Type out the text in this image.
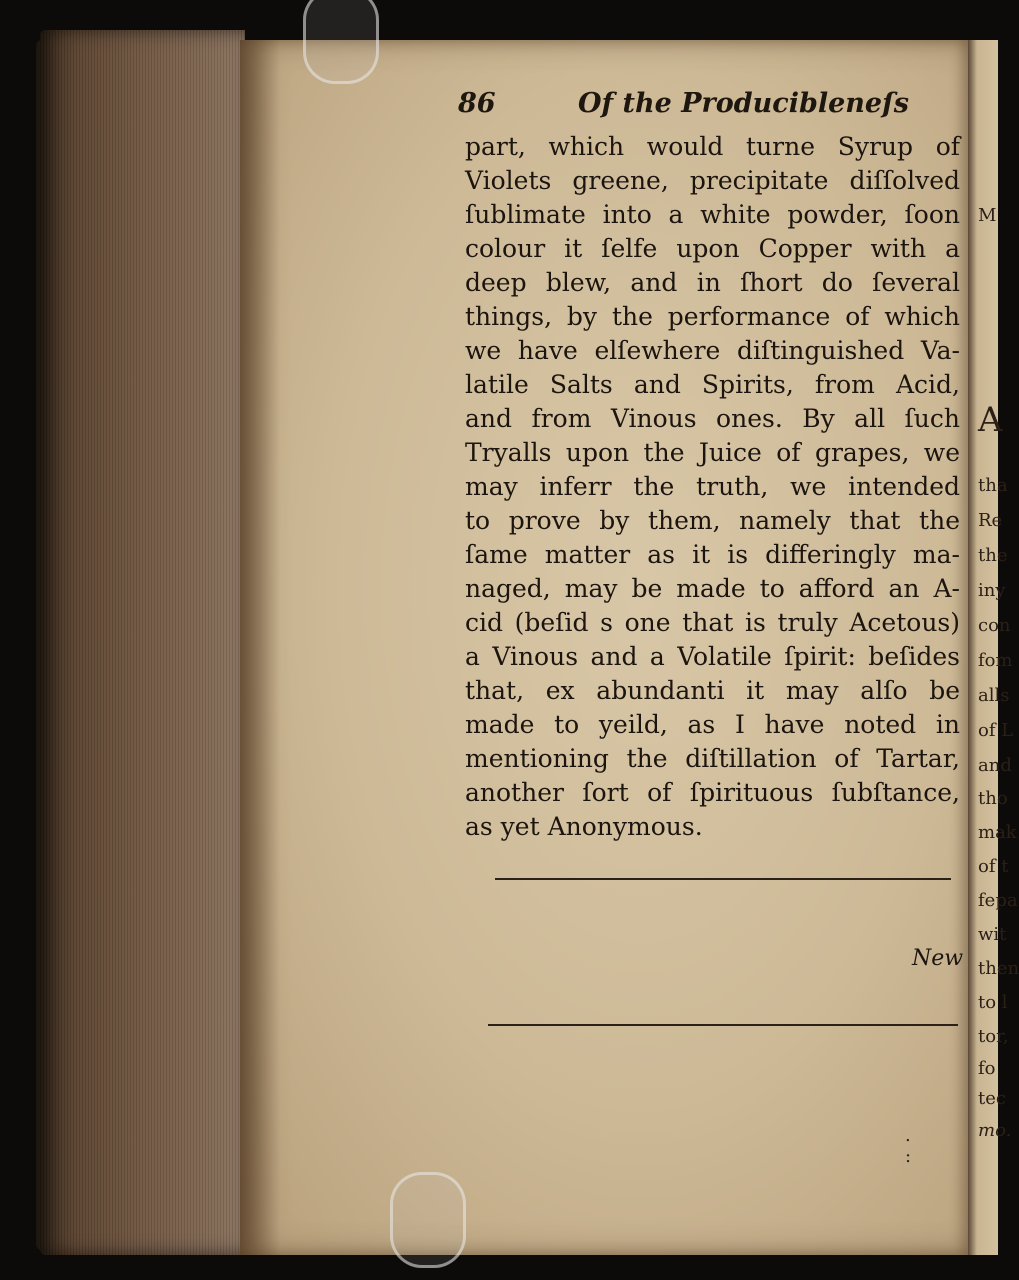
M
A
tha
Re
the
iny
con
fom
alls
of L
and
tho
mak
of t
fepa
wit
then
to l
tor,
fo
tec
mo.
86	Of the Producibleneſs
part, which would turne Syrup of
Violets greene, precipitate diſſolved
ſublimate into a white powder, ſoon
colour it ſelfe upon Copper with a
deep blew, and in ſhort do ſeveral
things, by the performance of which
we have elſewhere diſtinguished Va-
latile Salts and Spirits, from Acid,
and from Vinous ones. By all ſuch
Tryalls upon the Juice of grapes, we
may inferr the truth, we intended
to prove by them, namely that the
ſame matter as it is differingly ma-
naged, may be made to afford an A-
cid (beſid s one that is truly Acetous)
a Vinous and a Volatile ſpirit: beſides
that, ex abundanti it may alſo be
made to yeild, as I have noted in
mentioning the diſtillation of Tartar,
another ſort of ſpirituous ſubſtance,
as yet Anonymous.
New
.
:
